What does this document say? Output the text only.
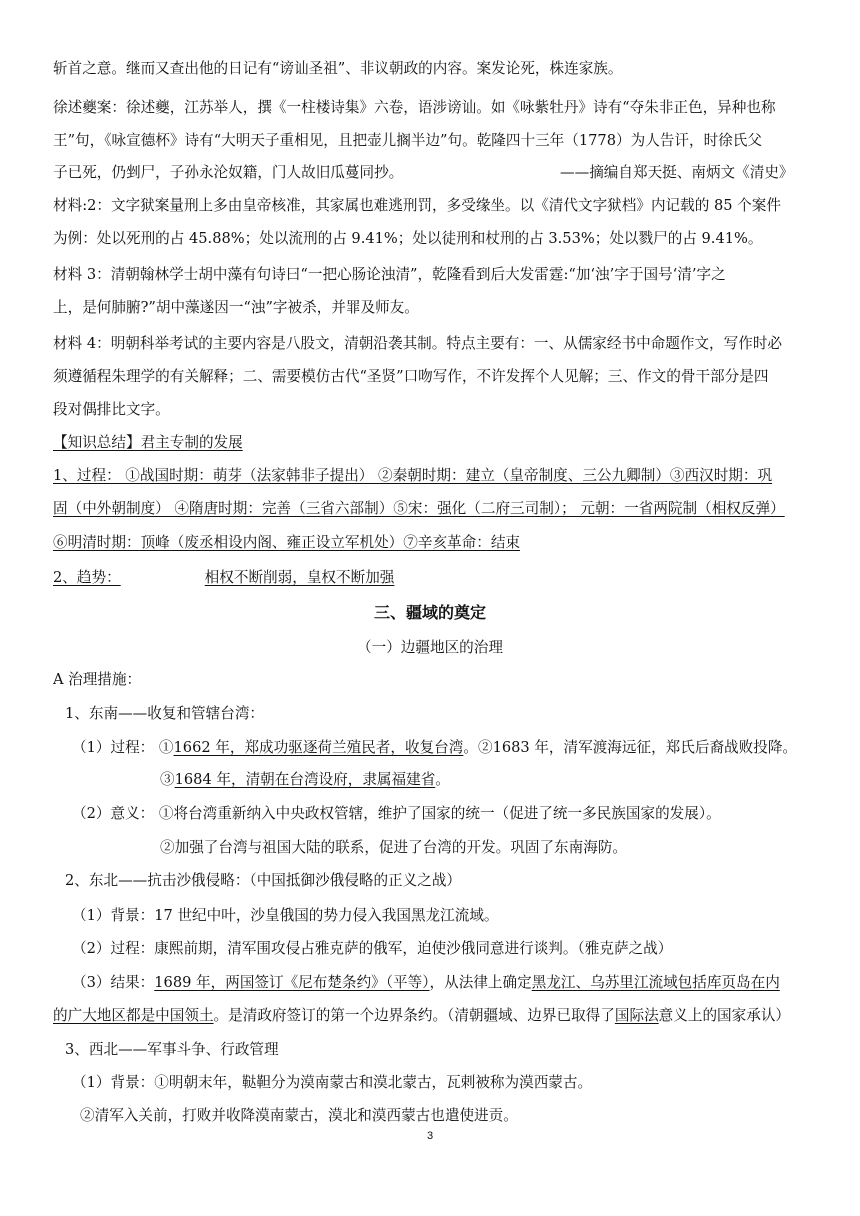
斩首之意。继而又查出他的日记有“谤讪圣祖”、非议朝政的内容。案发论死，株连家族。
徐述夔案：徐述夔，江苏举人，撰《一柱楼诗集》六卷，语涉谤讪。如《咏紫牡丹》诗有“夺朱非正色，异种也称
王”句，《咏宣德杯》诗有“大明天子重相见，且把壶儿搁半边”句。乾隆四十三年（1778）为人告讦，时徐氏父
子已死，仍剉尸，子孙永沦奴籍，门人故旧瓜蔓同抄。	——摘编自郑天挺、南炳文《清史》
材料:2：文字狱案量刑上多由皇帝核准，其家属也难逃刑罚，多受缘坐。以《清代文字狱档》内记载的 85 个案件
为例：处以死刑的占 45.88%；处以流刑的占 9.41%；处以徒刑和杖刑的占 3.53%；处以戮尸的占 9.41%。
材料 3：清朝翰林学士胡中藻有句诗曰“一把心肠论浊清”，乾隆看到后大发雷霆:“加‘浊’字于国号‘清’字之
上，是何肺腑?”胡中藻遂因一“浊”字被杀，并罪及师友。
材料 4：明朝科举考试的主要内容是八股文，清朝沿袭其制。特点主要有：一、从儒家经书中命题作文，写作时必
须遵循程朱理学的有关解释；二、需要模仿古代“圣贤”口吻写作，不许发挥个人见解；三、作文的骨干部分是四
段对偶排比文字。
【知识总结】君主专制的发展
1、过程： ①战国时期：萌芽（法家韩非子提出） ②秦朝时期：建立（皇帝制度、三公九卿制）③西汉时期：巩
固（中外朝制度） ④隋唐时期：完善（三省六部制）⑤宋：强化（二府三司制）； 元朝：一省两院制（相权反弹）
⑥明清时期：顶峰（废丞相设内阁、雍正设立军机处）⑦辛亥革命：结束
2、趋势：	相权不断削弱，皇权不断加强
三、疆域的奠定
（一）边疆地区的治理
A 治理措施：
1、东南——收复和管辖台湾：
（1）过程： ①1662 年，郑成功驱逐荷兰殖民者，收复台湾。②1683 年，清军渡海远征，郑氏后裔战败投降。
③1684 年，清朝在台湾设府，隶属福建省。
（2）意义： ①将台湾重新纳入中央政权管辖，维护了国家的统一（促进了统一多民族国家的发展）。
②加强了台湾与祖国大陆的联系，促进了台湾的开发。巩固了东南海防。
2、东北——抗击沙俄侵略：（中国抵御沙俄侵略的正义之战）
（1）背景：17 世纪中叶，沙皇俄国的势力侵入我国黑龙江流域。
（2）过程：康熙前期，清军围攻侵占雅克萨的俄军，迫使沙俄同意进行谈判。（雅克萨之战）
（3）结果：1689 年，两国签订《尼布楚条约》（平等），从法律上确定黑龙江、乌苏里江流域包括库页岛在内
的广大地区都是中国领土。是清政府签订的第一个边界条约。（清朝疆域、边界已取得了国际法意义上的国家承认）
3、西北——军事斗争、行政管理
（1）背景：①明朝末年，鞑靼分为漠南蒙古和漠北蒙古，瓦剌被称为漠西蒙古。
②清军入关前，打败并收降漠南蒙古，漠北和漠西蒙古也遣使进贡。
3
